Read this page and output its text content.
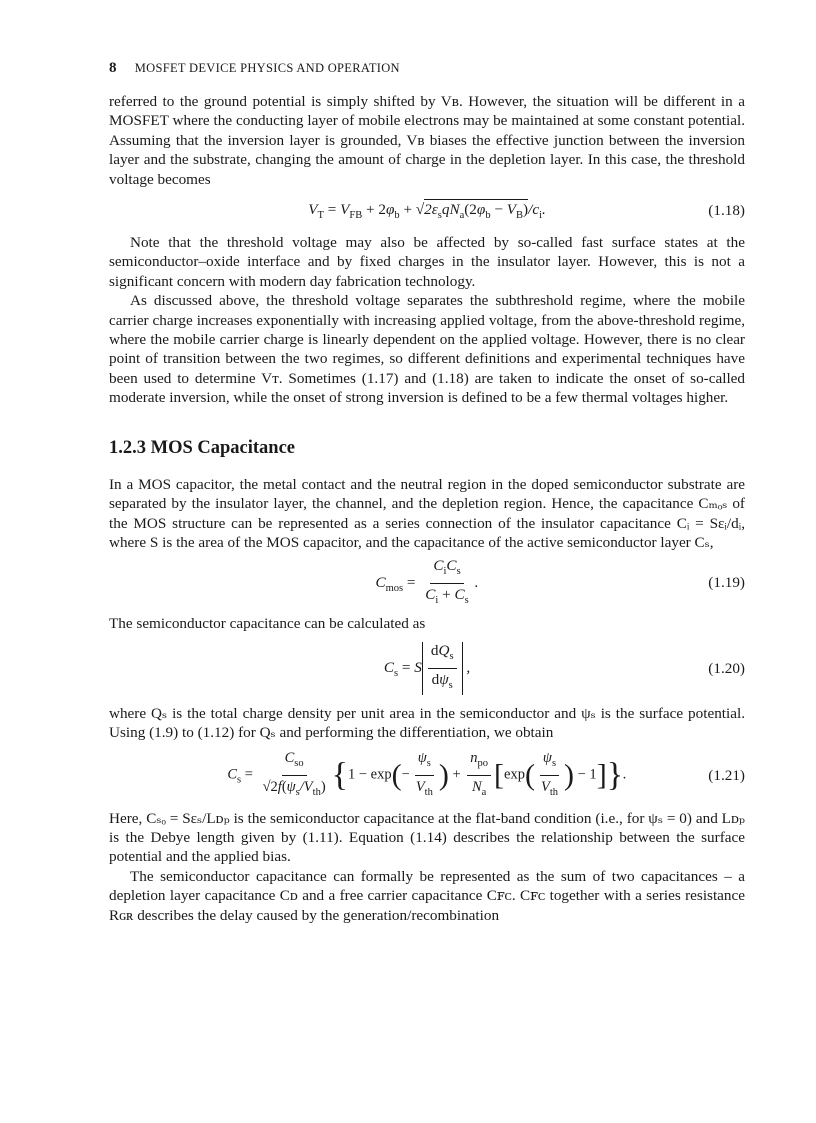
8 MOSFET DEVICE PHYSICS AND OPERATION

referred to the ground potential is simply shifted by Vʙ. However, the situation will be different in a MOSFET where the conducting layer of mobile electrons may be maintained at some constant potential. Assuming that the inversion layer is grounded, Vʙ biases the effective junction between the inversion layer and the substrate, changing the amount of charge in the depletion layer. In this case, the threshold voltage becomes

$V_T = V_{FB} + 2\varphi_b + √2\varepsilon_sqN_a(2\varphi_b - V_B)/c_i$.	(1.18)

Note that the threshold voltage may also be affected by so-called fast surface states at the semiconductor–oxide interface and by fixed charges in the insulator layer. However, this is not a significant concern with modern day fabrication technology.

As discussed above, the threshold voltage separates the subthreshold regime, where the mobile carrier charge increases exponentially with increasing applied voltage, from the above-threshold regime, where the mobile carrier charge is linearly dependent on the applied voltage. However, there is no clear point of transition between the two regimes, so different definitions and experimental techniques have been used to determine Vᴛ. Sometimes (1.17) and (1.18) are taken to indicate the onset of so-called moderate inversion, while the onset of strong inversion is defined to be a few thermal voltages higher.

1.2.3 MOS Capacitance

In a MOS capacitor, the metal contact and the neutral region in the doped semiconductor substrate are separated by the insulator layer, the channel, and the depletion region. Hence, the capacitance Cₘₒₛ of the MOS structure can be represented as a series connection of the insulator capacitance Cᵢ = Sεᵢ/dᵢ, where S is the area of the MOS capacitor, and the capacitance of the active semiconductor layer Cₛ,

$C_{mos} = \frac{C_iC_s}{C_i + C_s}$ .	(1.19)

The semiconductor capacitance can be calculated as

$C_s = S \frac{dQ_s}{d\psi_s}$ ,	(1.20)

where Qₛ is the total charge density per unit area in the semiconductor and ψₛ is the surface potential. Using (1.9) to (1.12) for Qₛ and performing the differentiation, we obtain

$C_s = \frac{C_{so}}{√2f(\psi_s/V_{th})} \{1 - \exp(- \frac{\psi_s}{V_{th}}$ ) + $\frac{n_{po}}{N_a} [\exp( \frac{\psi_s}{V_{th}}$ ) − 1]}.	(1.21)

Here, Cₛₒ = Sεₛ/Lᴅₚ is the semiconductor capacitance at the flat-band condition (i.e., for ψₛ = 0) and Lᴅₚ is the Debye length given by (1.11). Equation (1.14) describes the relationship between the surface potential and the applied bias.

The semiconductor capacitance can formally be represented as the sum of two capacitances – a depletion layer capacitance Cᴅ and a free carrier capacitance Cꜰᴄ. Cꜰᴄ together with a series resistance Rɢʀ describes the delay caused by the generation/recombination
